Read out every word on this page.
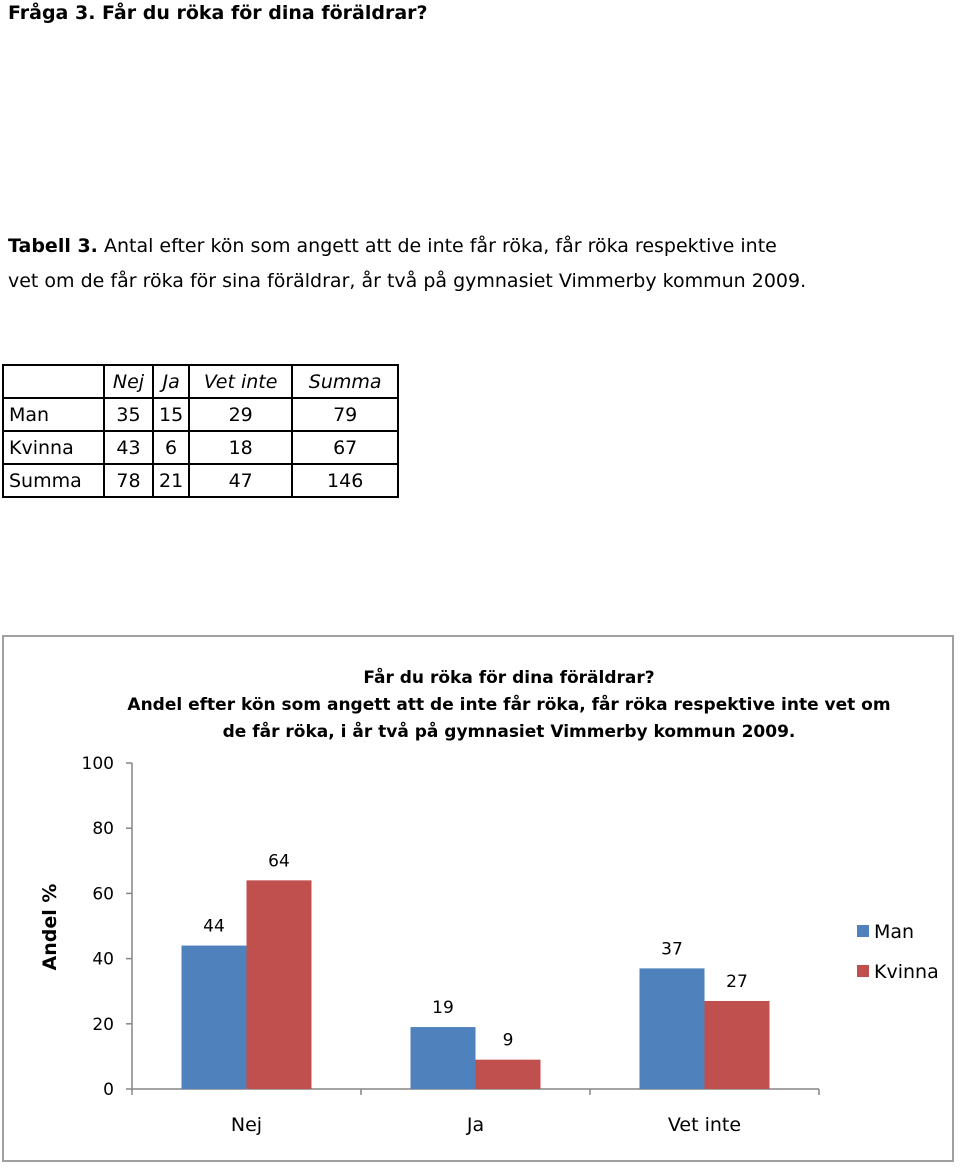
Fråga 3. Får du röka för dina föräldrar?
Tabell 3. Antal efter kön som angett att de inte får röka, får röka respektive inte
vet om de får röka för sina föräldrar, år två på gymnasiet Vimmerby kommun 2009.
	Nej	Ja	Vet inte	Summa
Man	35	15	29	79
Kvinna	43	6	18	67
Summa	78	21	47	146
Får du röka för dina föräldrar?
Andel efter kön som angett att de inte får röka, får röka respektive inte vet om
de får röka, i år två på gymnasiet Vimmerby kommun 2009.
Andel %
0
20
40
60
80
100
Nej
44
64
Ja
19
9
Vet inte
37
27
Man
Kvinna
